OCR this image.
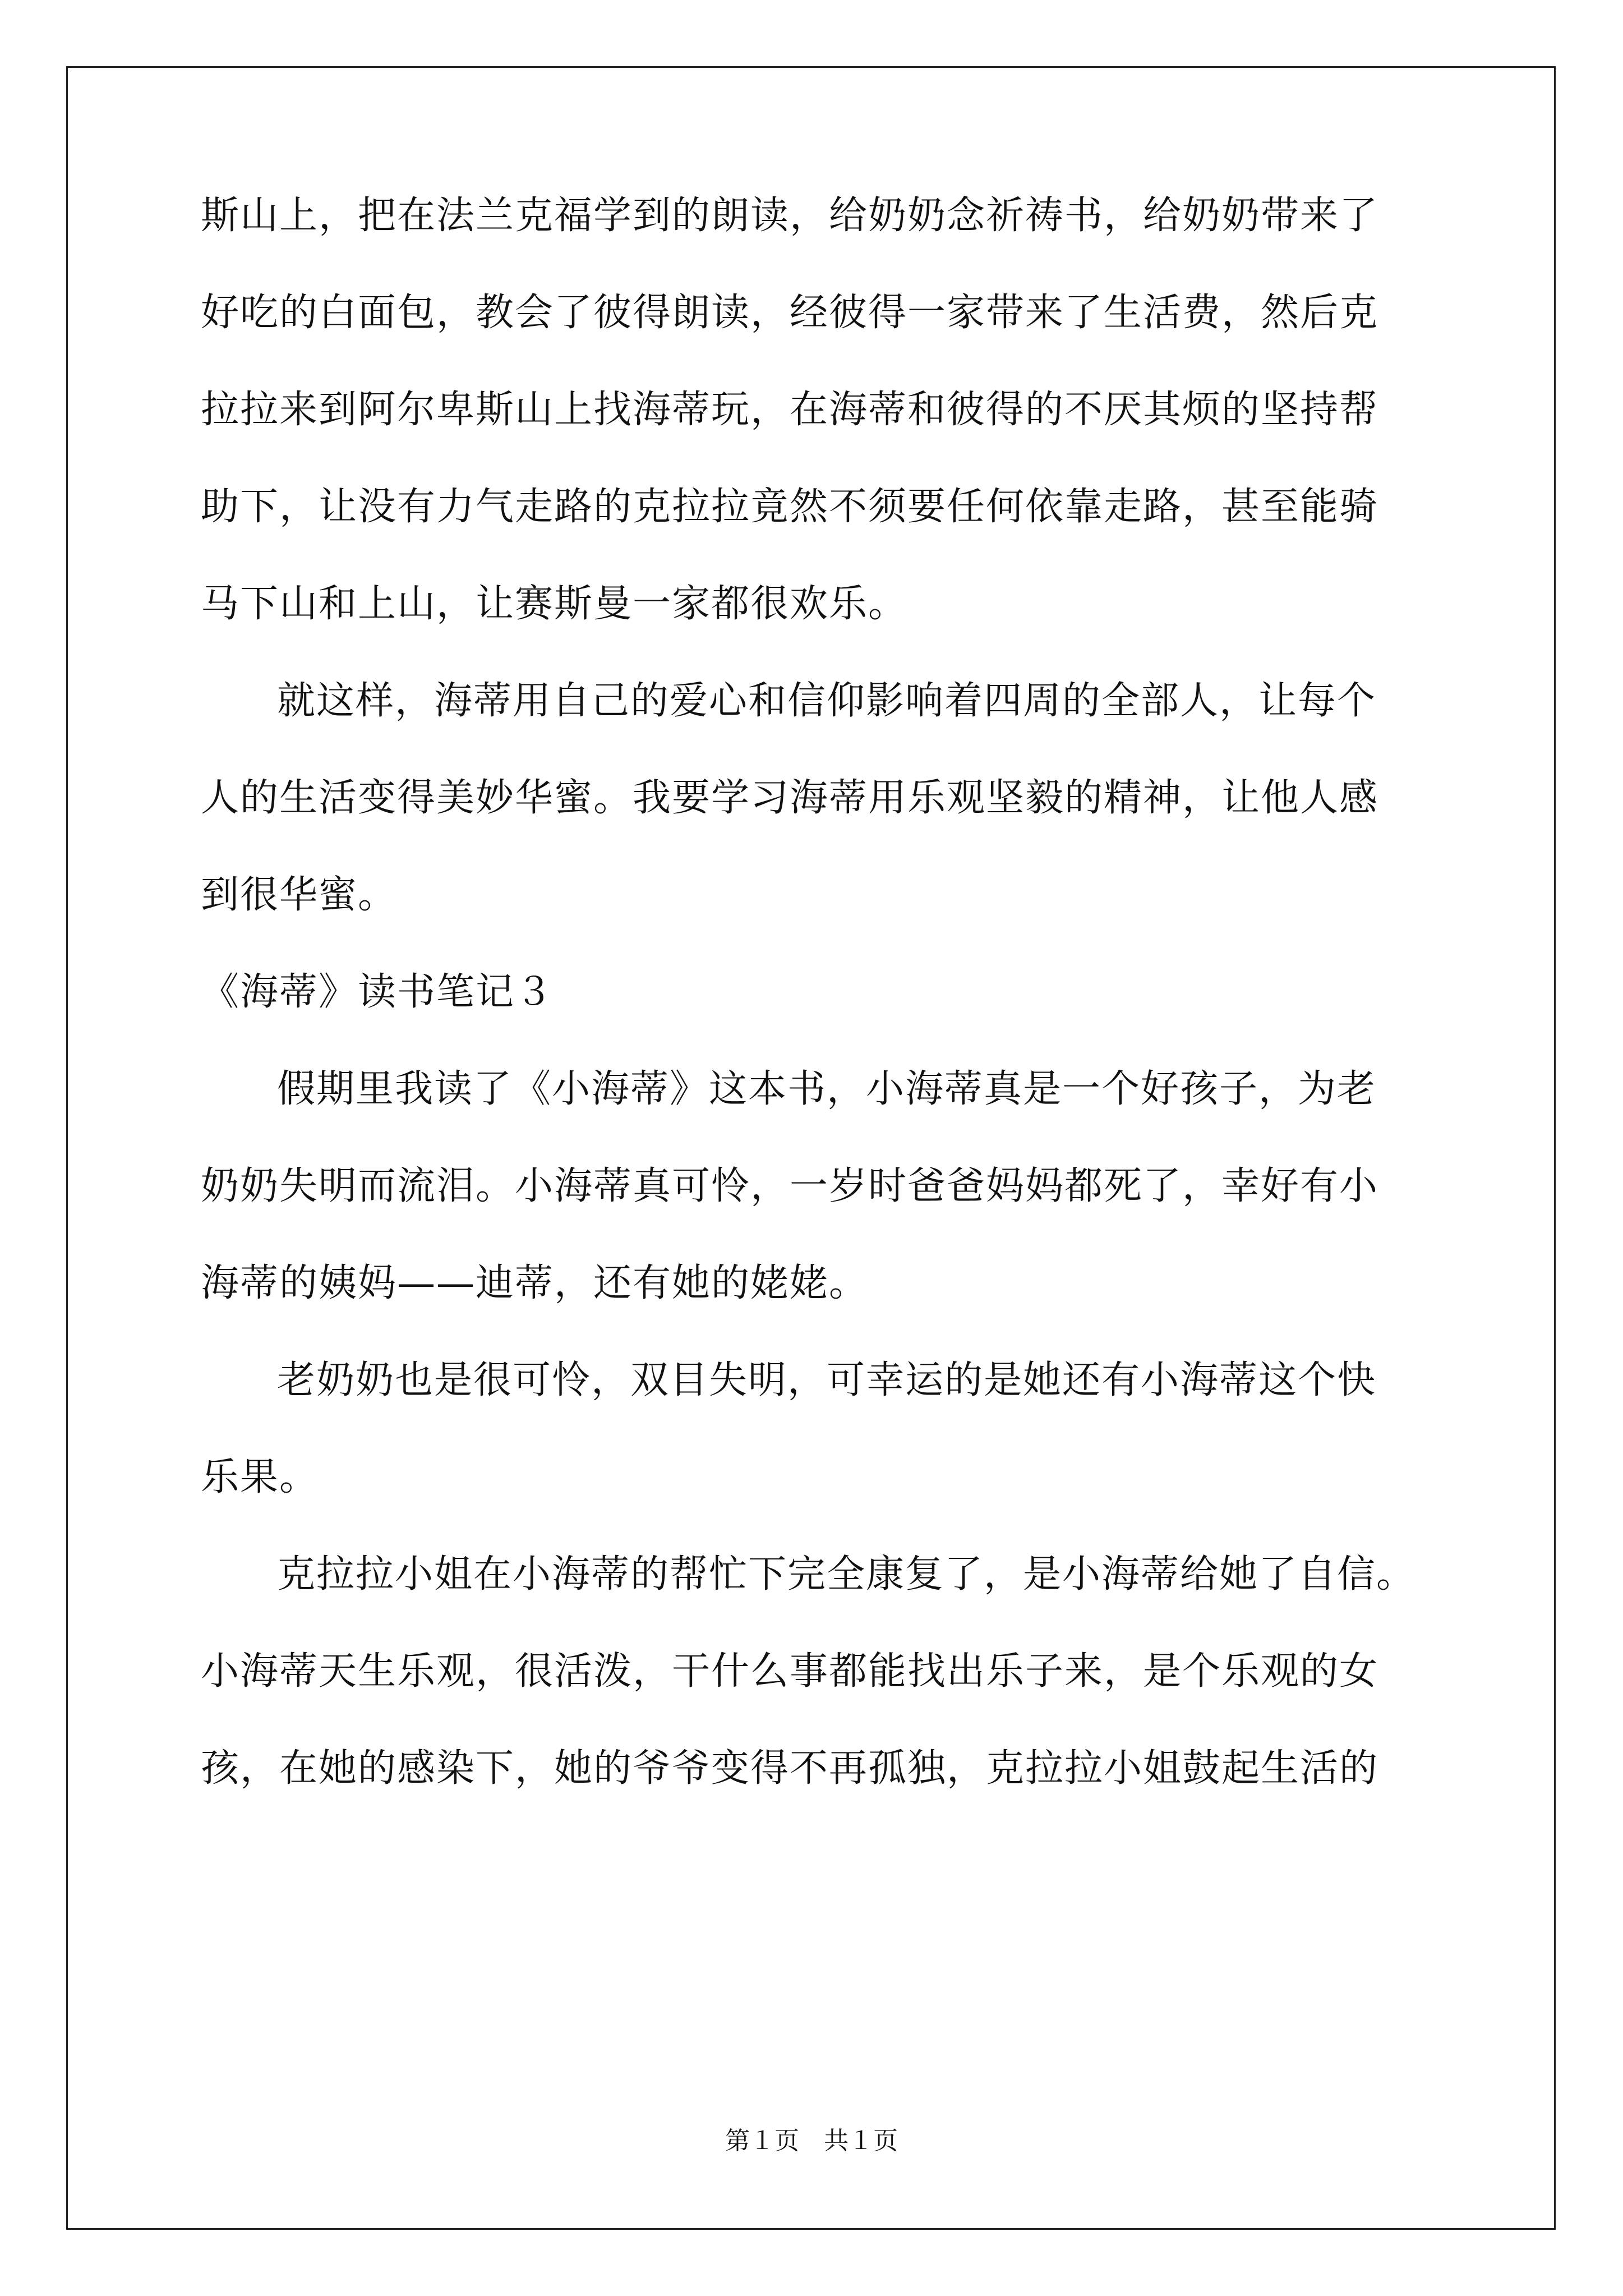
斯山上，把在法兰克福学到的朗读，给奶奶念祈祷书，给奶奶带来了
好吃的白面包，教会了彼得朗读，经彼得一家带来了生活费，然后克
拉拉来到阿尔卑斯山上找海蒂玩，在海蒂和彼得的不厌其烦的坚持帮
助下，让没有力气走路的克拉拉竟然不须要任何依靠走路，甚至能骑
马下山和上山，让赛斯曼一家都很欢乐。
就这样，海蒂用自己的爱心和信仰影响着四周的全部人，让每个
人的生活变得美妙华蜜。我要学习海蒂用乐观坚毅的精神，让他人感
到很华蜜。
《海蒂》读书笔记３
假期里我读了《小海蒂》这本书，小海蒂真是一个好孩子，为老
奶奶失明而流泪。小海蒂真可怜，一岁时爸爸妈妈都死了，幸好有小
海蒂的姨妈——迪蒂，还有她的姥姥。
老奶奶也是很可怜，双目失明，可幸运的是她还有小海蒂这个快
乐果。
克拉拉小姐在小海蒂的帮忙下完全康复了，是小海蒂给她了自信。
小海蒂天生乐观，很活泼，干什么事都能找出乐子来，是个乐观的女
孩，在她的感染下，她的爷爷变得不再孤独，克拉拉小姐鼓起生活的
第１页　共１页
